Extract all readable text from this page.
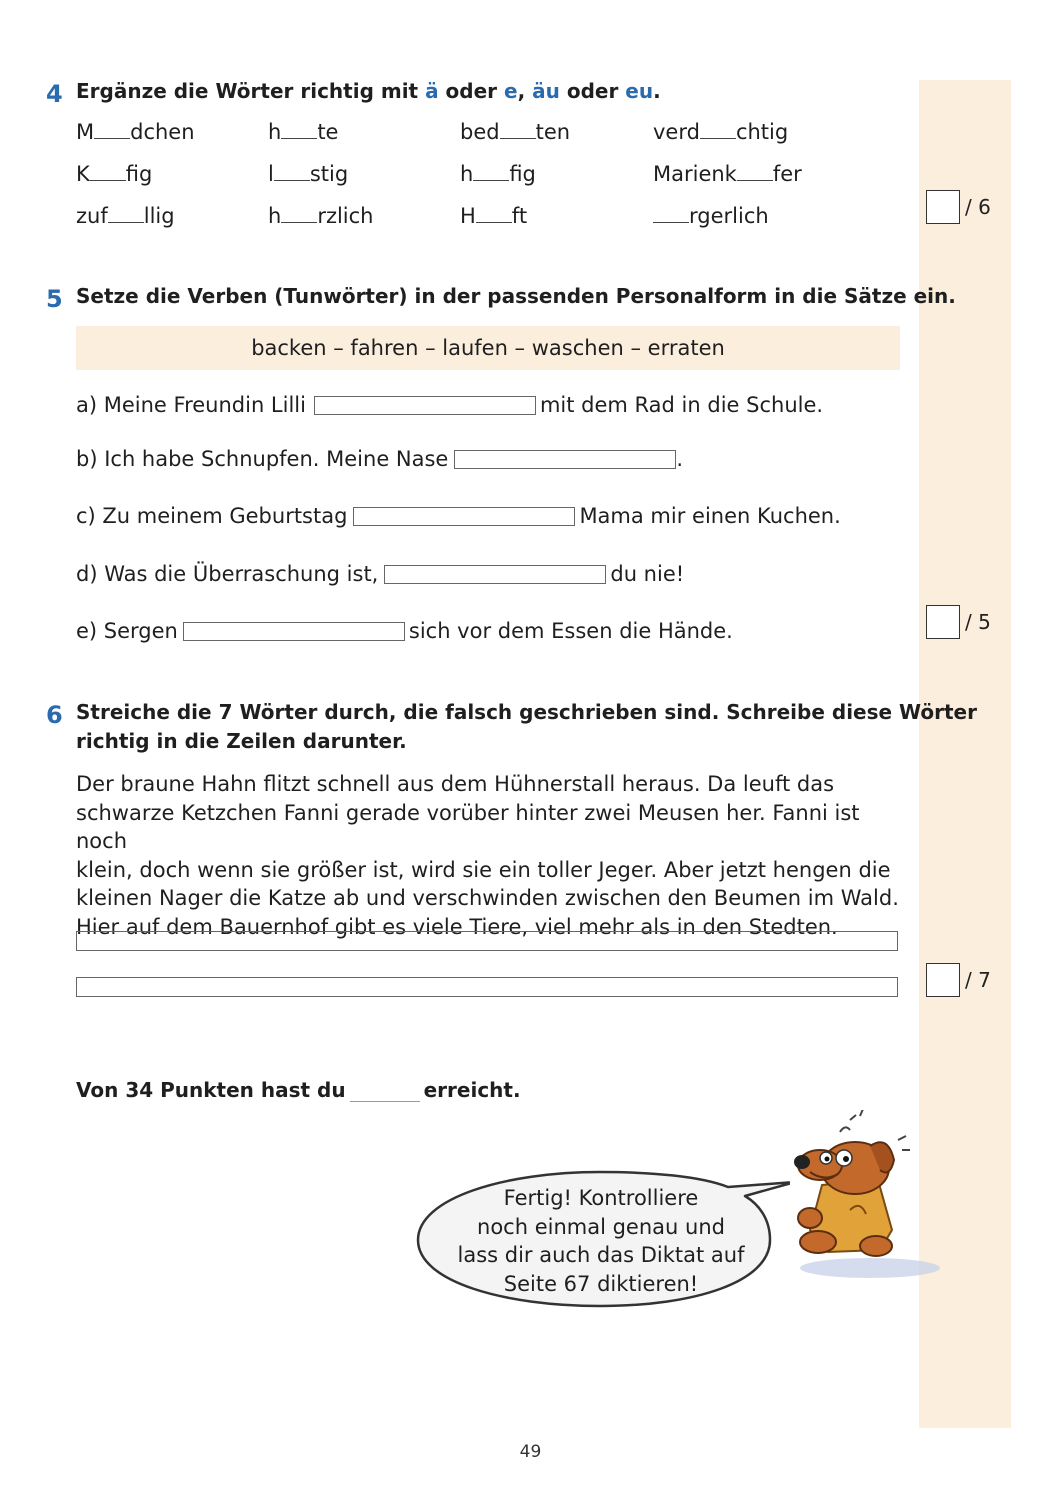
4 Ergänze die Wörter richtig mit ä oder e, äu oder eu.
M dchen	h te	bed ten	verd chtig
K fig	l stig	h fig	Marienk fer
zuf llig	h rzlich	H ft	rgerlich	/ 6
5 Setze die Verben (Tunwörter) in der passenden Personalform in die Sätze ein.
backen – fahren – laufen – waschen – erraten
a) Meine Freundin Lilli	mit dem Rad in die Schule.
b) Ich habe Schnupfen. Meine Nase	.
c) Zu meinem Geburtstag	Mama mir einen Kuchen.
d) Was die Überraschung ist,	du nie!
e) Sergen	sich vor dem Essen die Hände.	/ 5
6 Streiche die 7 Wörter durch, die falsch geschrieben sind. Schreibe diese Wörter
richtig in die Zeilen darunter.
Der braune Hahn flitzt schnell aus dem Hühnerstall heraus. Da leuft das
schwarze Ketzchen Fanni gerade vorüber hinter zwei Meusen her. Fanni ist noch
klein, doch wenn sie größer ist, wird sie ein toller Jeger. Aber jetzt hengen die
kleinen Nager die Katze ab und verschwinden zwischen den Beumen im Wald.
Hier auf dem Bauernhof gibt es viele Tiere, viel mehr als in den Stedten.
/ 7
Von 34 Punkten hast du	erreicht.
Fertig! Kontrolliere
noch einmal genau und
lass dir auch das Diktat auf
Seite 67 diktieren!
49
